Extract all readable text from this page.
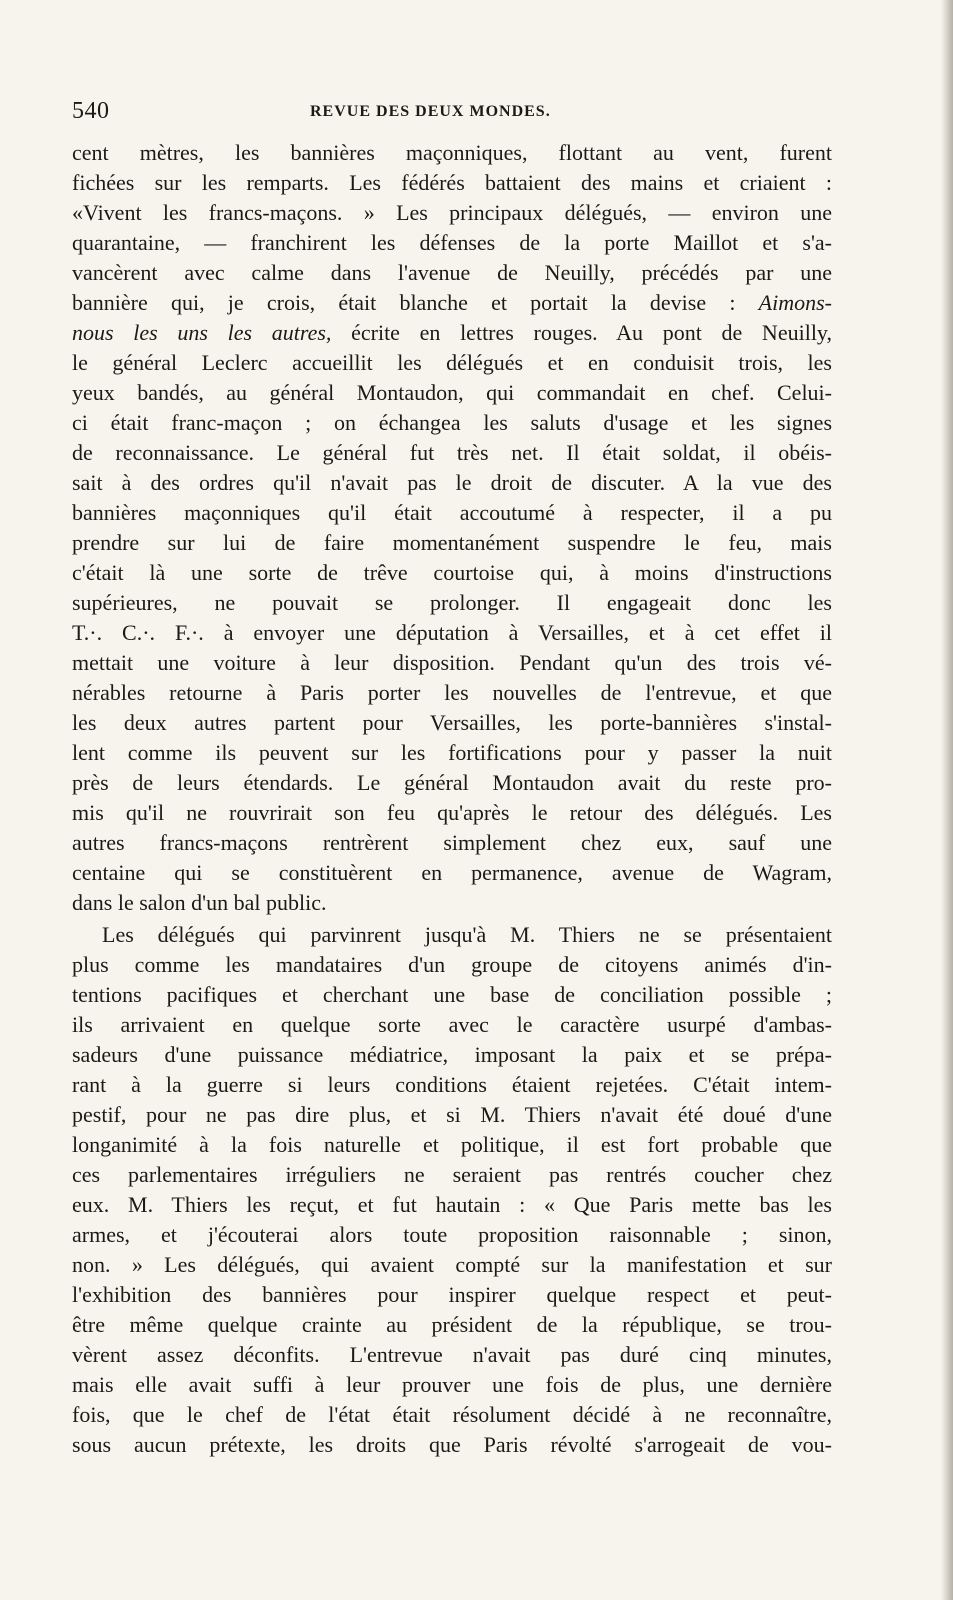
540	REVUE DES DEUX MONDES.
cent mètres, les bannières maçonniques, flottant au vent, furent
fichées sur les remparts. Les fédérés battaient des mains et criaient :
«Vivent les francs-maçons. » Les principaux délégués, — environ une
quarantaine, — franchirent les défenses de la porte Maillot et s'a-
vancèrent avec calme dans l'avenue de Neuilly, précédés par une
bannière qui, je crois, était blanche et portait la devise : Aimons-
nous les uns les autres, écrite en lettres rouges. Au pont de Neuilly,
le général Leclerc accueillit les délégués et en conduisit trois, les
yeux bandés, au général Montaudon, qui commandait en chef. Celui-
ci était franc-maçon ; on échangea les saluts d'usage et les signes
de reconnaissance. Le général fut très net. Il était soldat, il obéis-
sait à des ordres qu'il n'avait pas le droit de discuter. A la vue des
bannières maçonniques qu'il était accoutumé à respecter, il a pu
prendre sur lui de faire momentanément suspendre le feu, mais
c'était là une sorte de trêve courtoise qui, à moins d'instructions
supérieures, ne pouvait se prolonger. Il engageait donc les
T.·. C.·. F.·. à envoyer une députation à Versailles, et à cet effet il
mettait une voiture à leur disposition. Pendant qu'un des trois vé-
nérables retourne à Paris porter les nouvelles de l'entrevue, et que
les deux autres partent pour Versailles, les porte-bannières s'instal-
lent comme ils peuvent sur les fortifications pour y passer la nuit
près de leurs étendards. Le général Montaudon avait du reste pro-
mis qu'il ne rouvrirait son feu qu'après le retour des délégués. Les
autres francs-maçons rentrèrent simplement chez eux, sauf une
centaine qui se constituèrent en permanence, avenue de Wagram,
dans le salon d'un bal public.
Les délégués qui parvinrent jusqu'à M. Thiers ne se présentaient
plus comme les mandataires d'un groupe de citoyens animés d'in-
tentions pacifiques et cherchant une base de conciliation possible ;
ils arrivaient en quelque sorte avec le caractère usurpé d'ambas-
sadeurs d'une puissance médiatrice, imposant la paix et se prépa-
rant à la guerre si leurs conditions étaient rejetées. C'était intem-
pestif, pour ne pas dire plus, et si M. Thiers n'avait été doué d'une
longanimité à la fois naturelle et politique, il est fort probable que
ces parlementaires irréguliers ne seraient pas rentrés coucher chez
eux. M. Thiers les reçut, et fut hautain : « Que Paris mette bas les
armes, et j'écouterai alors toute proposition raisonnable ; sinon,
non. » Les délégués, qui avaient compté sur la manifestation et sur
l'exhibition des bannières pour inspirer quelque respect et peut-
être même quelque crainte au président de la république, se trou-
vèrent assez déconfits. L'entrevue n'avait pas duré cinq minutes,
mais elle avait suffi à leur prouver une fois de plus, une dernière
fois, que le chef de l'état était résolument décidé à ne reconnaître,
sous aucun prétexte, les droits que Paris révolté s'arrogeait de vou-
